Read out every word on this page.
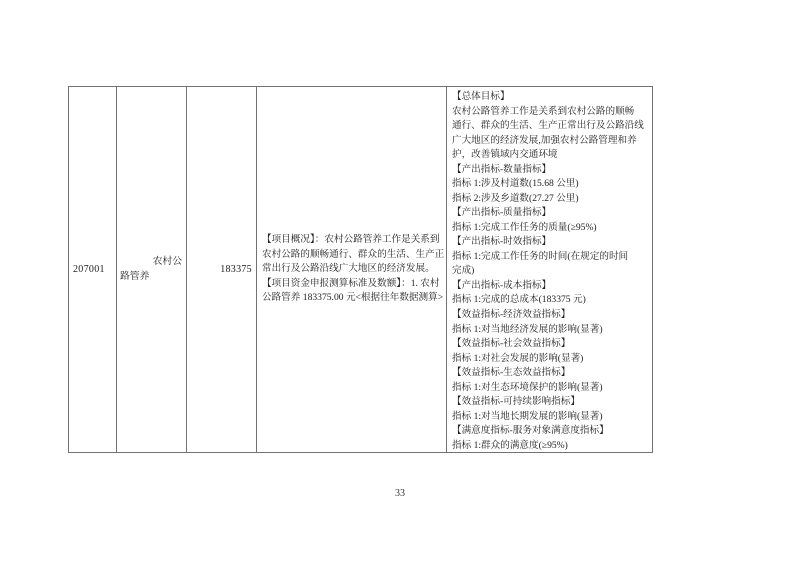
207001
农村公
路管养
183375
【项目概况】：农村公路管养工作是关系到
农村公路的顺畅通行、群众的生活、生产正
常出行及公路沿线广大地区的经济发展。
【项目资金申报测算标准及数额】：1. 农村
公路管养 183375.00 元<根据往年数据测算>
【总体目标】
农村公路管养工作是关系到农村公路的顺畅
通行、群众的生活、生产正常出行及公路沿线
广大地区的经济发展,加强农村公路管理和养
护，改善镇域内交通环境
【产出指标-数量指标】
指标 1:涉及村道数(15.68 公里)
指标 2:涉及乡道数(27.27 公里)
【产出指标-质量指标】
指标 1:完成工作任务的质量(≥95%)
【产出指标-时效指标】
指标 1:完成工作任务的时间(在规定的时间
完成)
【产出指标-成本指标】
指标 1:完成的总成本(183375 元)
【效益指标-经济效益指标】
指标 1:对当地经济发展的影响(显著)
【效益指标-社会效益指标】
指标 1:对社会发展的影响(显著)
【效益指标-生态效益指标】
指标 1:对生态环境保护的影响(显著)
【效益指标-可持续影响指标】
指标 1:对当地长期发展的影响(显著)
【满意度指标-服务对象满意度指标】
指标 1:群众的满意度(≥95%)
33
